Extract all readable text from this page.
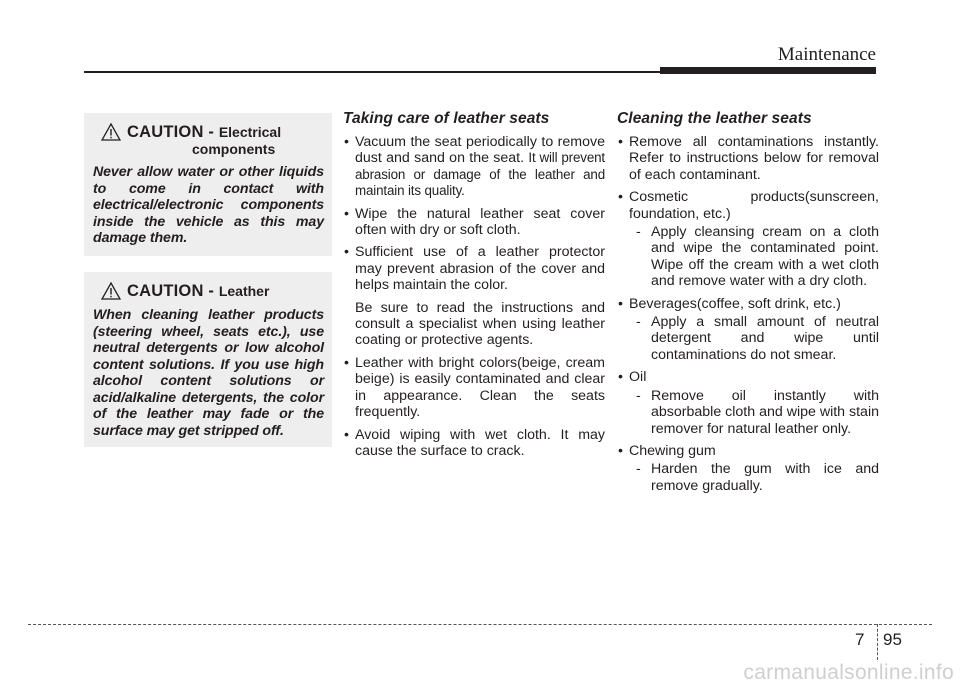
Maintenance
CAUTION - Electrical
components
Never allow water or other liquids to come in contact with electrical/electronic components inside the vehicle as this may damage them.
CAUTION - Leather
When cleaning leather products (steering wheel, seats etc.), use neutral detergents or low alcohol content solutions. If you use high alcohol content solutions or acid/alkaline detergents, the color of the leather may fade or the surface may get stripped off.
Taking care of leather seats
• Vacuum the seat periodically to remove dust and sand on the seat. It will prevent abrasion or damage of the leather and maintain its quality.
• Wipe the natural leather seat cover often with dry or soft cloth.
• Sufficient use of a leather protector may prevent abrasion of the cover and helps maintain the color.
Be sure to read the instructions and consult a specialist when using leather coating or protective agents.
• Leather with bright colors(beige, cream beige) is easily contaminated and clear in appearance. Clean the seats frequently.
• Avoid wiping with wet cloth. It may cause the surface to crack.
Cleaning the leather seats
• Remove all contaminations instantly. Refer to instructions below for removal of each contaminant.
• Cosmetic products(sunscreen, foundation, etc.)
- Apply cleansing cream on a cloth and wipe the contaminated point. Wipe off the cream with a wet cloth and remove water with a dry cloth.
• Beverages(coffee, soft drink, etc.)
- Apply a small amount of neutral detergent and wipe until contaminations do not smear.
• Oil
- Remove oil instantly with absorbable cloth and wipe with stain remover for natural leather only.
• Chewing gum
- Harden the gum with ice and remove gradually.
7 95
carmanualsonline.info
